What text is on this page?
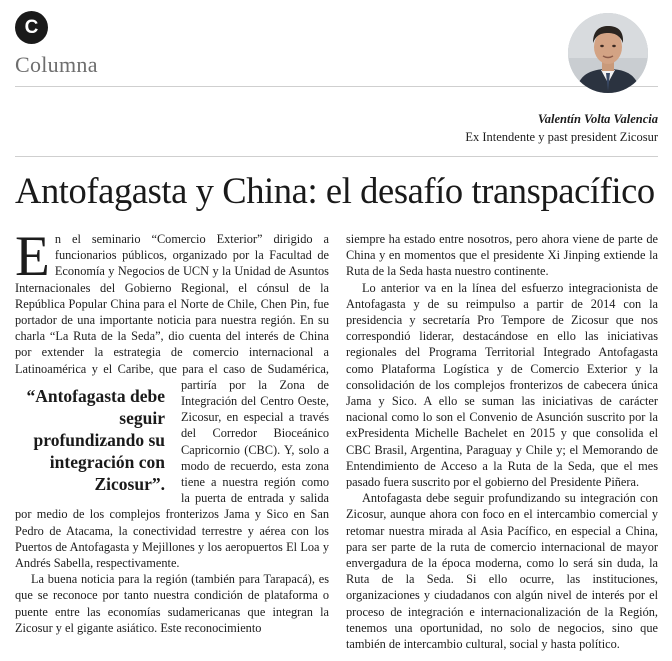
C
Columna

Valentín Volta Valencia

Ex Intendente y past president Zicosur

Antofagasta y China: el desafío transpacífico

En el seminario “Comercio Exterior” dirigido a funcionarios públicos, organizado por la Facultad de Economía y Negocios de UCN y la Unidad de Asuntos Internacionales del Gobierno Regional, el cónsul de la República Popular China para el Norte de Chile, Chen Pin, fue portador de una importante noticia para nuestra región. En su charla “La Ruta de la Seda”, dio cuenta del interés de China por extender la estrategia de comercio internacional a Latinoamérica y el Caribe, que para el caso de Sudamérica, partiría por
“Antofagasta debe seguir profundizando su integración con Zicosur”.
la Zona de Integración del Centro Oeste, Zicosur, en especial a través del Corredor Bioceánico Capricornio (CBC). Y, solo a modo de recuerdo, esta zona tiene a nuestra región como la puerta de entrada y salida por medio de los complejos fronterizos Jama y Sico en San Pedro de Atacama, la conectividad terrestre y aérea con los Puertos de Antofagasta y Mejillones y los aeropuertos El Loa y Andrés Sabella, respectivamente.

La buena noticia para la región (también para Tarapacá), es que se reconoce por tanto nuestra condición de plataforma o puente entre las economías sudamericanas que integran la Zicosur y el gigante asiático. Este reconocimiento

siempre ha estado entre nosotros, pero ahora viene de parte de China y en momentos que el presidente Xi Jinping extiende la Ruta de la Seda hasta nuestro continente.

Lo anterior va en la línea del esfuerzo integracionista de Antofagasta y de su reimpulso a partir de 2014 con la presidencia y secretaría Pro Tempore de Zicosur que nos correspondió liderar, destacándose en ello las iniciativas regionales del Programa Territorial Integrado Antofagasta como Plataforma Logística y de Comercio Exterior y la consolidación de los complejos fronterizos de cabecera única Jama y Sico. A ello se suman las iniciativas de carácter nacional como lo son el Convenio de Asunción suscrito por la exPresidenta Michelle Bachelet en 2015 y que consolida el CBC Brasil, Argentina, Paraguay y Chile y; el Memorando de Entendimiento de Acceso a la Ruta de la Seda, que el mes pasado fuera suscrito por el gobierno del Presidente Piñera.

Antofagasta debe seguir profundizando su integración con Zicosur, aunque ahora con foco en el intercambio comercial y retomar nuestra mirada al Asia Pacífico, en especial a China, para ser parte de la ruta de comercio internacional de mayor envergadura de la época moderna, como lo será sin duda, la Ruta de la Seda. Si ello ocurre, las instituciones, organizaciones y ciudadanos con algún nivel de interés por el proceso de integración e internacionalización de la Región, tenemos una oportunidad, no solo de negocios, sino que también de intercambio cultural, social y hasta político.
